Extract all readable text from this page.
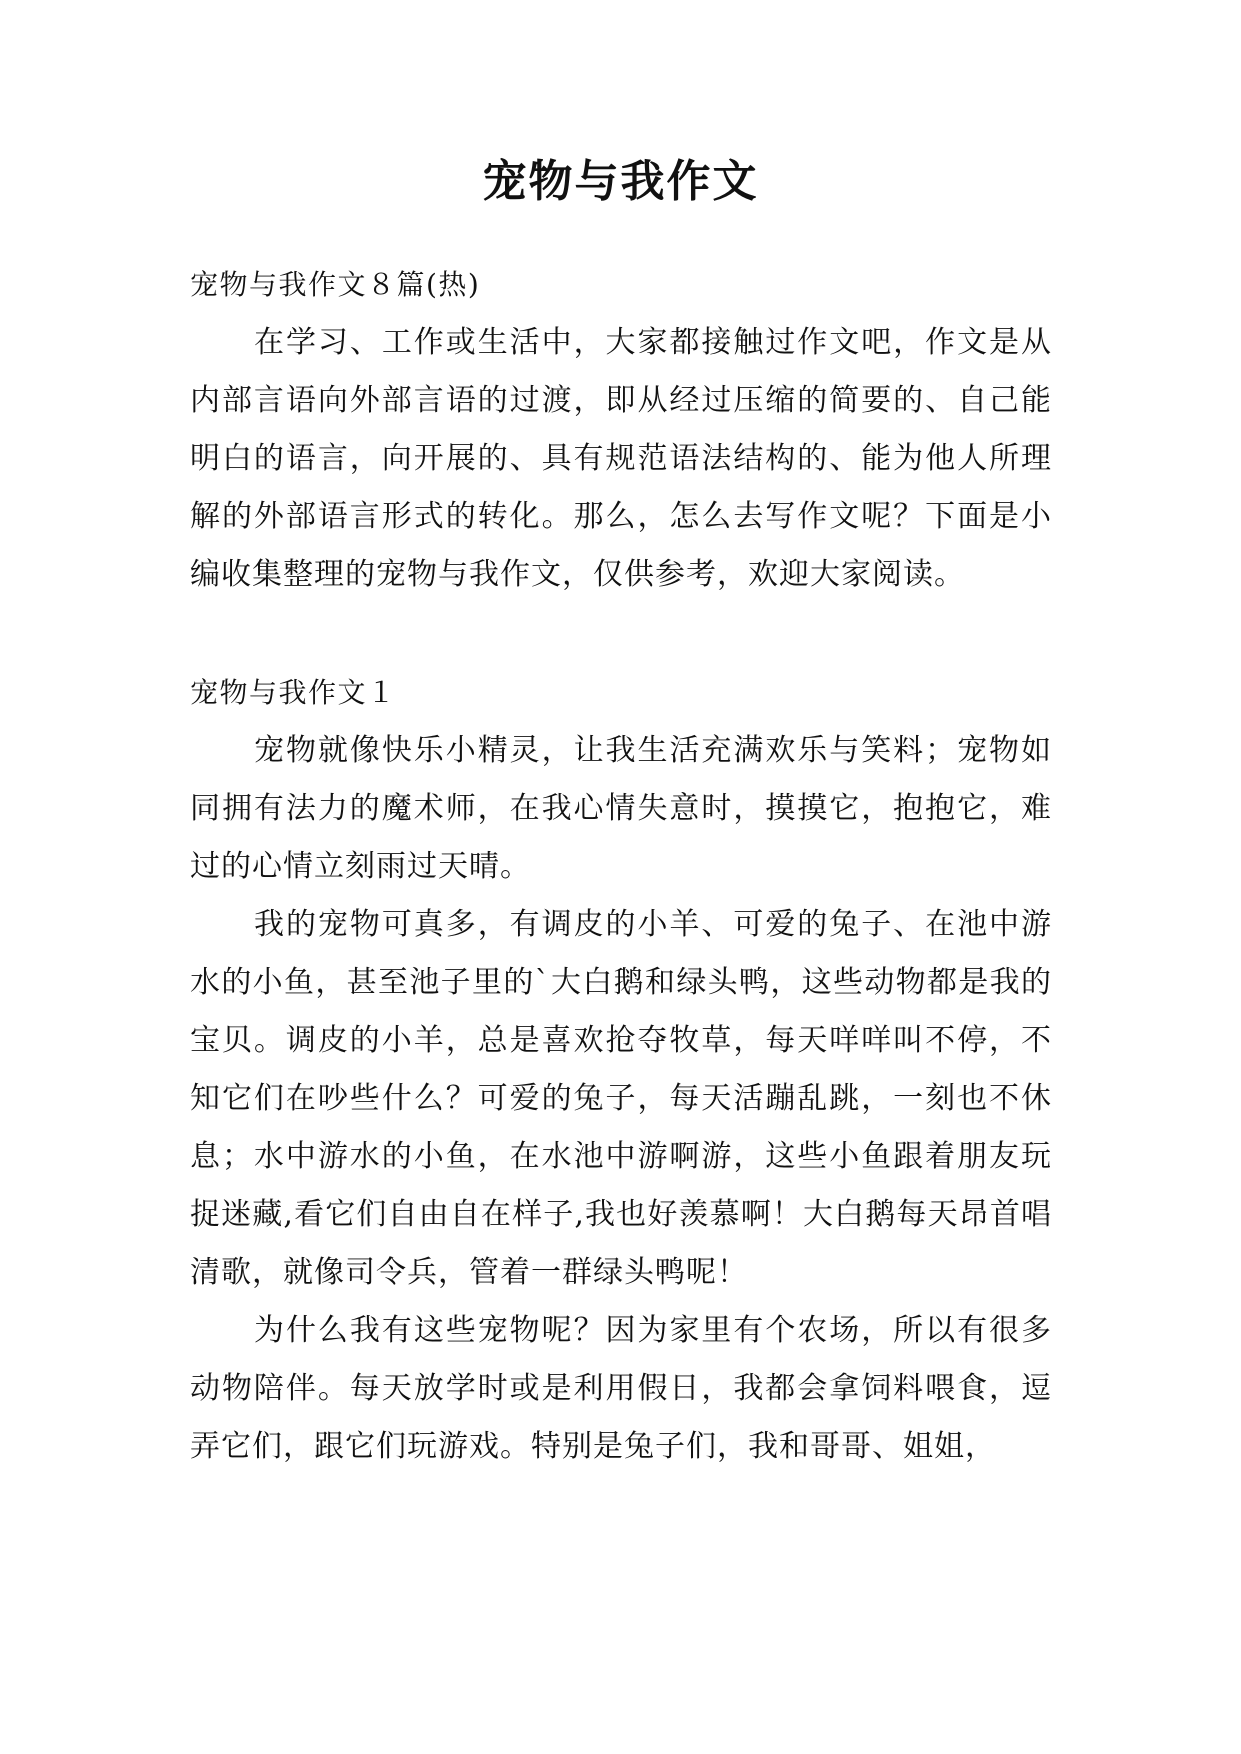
宠物与我作文

宠物与我作文８篇(热)

在学习、工作或生活中，大家都接触过作文吧，作文是从内部言语向外部言语的过渡，即从经过压缩的简要的、自己能明白的语言，向开展的、具有规范语法结构的、能为他人所理解的外部语言形式的转化。那么，怎么去写作文呢？下面是小编收集整理的宠物与我作文，仅供参考，欢迎大家阅读。

宠物与我作文１

宠物就像快乐小精灵，让我生活充满欢乐与笑料；宠物如同拥有法力的魔术师，在我心情失意时，摸摸它，抱抱它，难过的心情立刻雨过天晴。

我的宠物可真多，有调皮的小羊、可爱的兔子、在池中游水的小鱼，甚至池子里的`大白鹅和绿头鸭，这些动物都是我的宝贝。调皮的小羊，总是喜欢抢夺牧草，每天咩咩叫不停，不知它们在吵些什么？可爱的兔子，每天活蹦乱跳，一刻也不休息；水中游水的小鱼，在水池中游啊游，这些小鱼跟着朋友玩捉迷藏,看它们自由自在样子,我也好羡慕啊！大白鹅每天昂首唱清歌，就像司令兵，管着一群绿头鸭呢！

为什么我有这些宠物呢？因为家里有个农场，所以有很多动物陪伴。每天放学时或是利用假日，我都会拿饲料喂食，逗弄它们，跟它们玩游戏。特别是兔子们，我和哥哥、姐姐，
